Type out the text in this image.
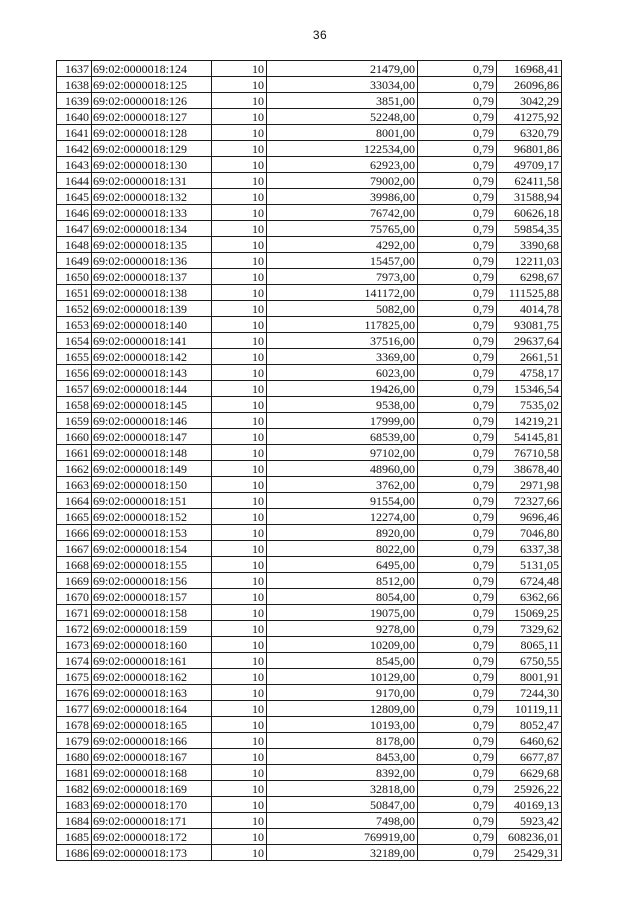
36
1637	69:02:0000018:124	10	21479,00	0,79	16968,41
1638	69:02:0000018:125	10	33034,00	0,79	26096,86
1639	69:02:0000018:126	10	3851,00	0,79	3042,29
1640	69:02:0000018:127	10	52248,00	0,79	41275,92
1641	69:02:0000018:128	10	8001,00	0,79	6320,79
1642	69:02:0000018:129	10	122534,00	0,79	96801,86
1643	69:02:0000018:130	10	62923,00	0,79	49709,17
1644	69:02:0000018:131	10	79002,00	0,79	62411,58
1645	69:02:0000018:132	10	39986,00	0,79	31588,94
1646	69:02:0000018:133	10	76742,00	0,79	60626,18
1647	69:02:0000018:134	10	75765,00	0,79	59854,35
1648	69:02:0000018:135	10	4292,00	0,79	3390,68
1649	69:02:0000018:136	10	15457,00	0,79	12211,03
1650	69:02:0000018:137	10	7973,00	0,79	6298,67
1651	69:02:0000018:138	10	141172,00	0,79	111525,88
1652	69:02:0000018:139	10	5082,00	0,79	4014,78
1653	69:02:0000018:140	10	117825,00	0,79	93081,75
1654	69:02:0000018:141	10	37516,00	0,79	29637,64
1655	69:02:0000018:142	10	3369,00	0,79	2661,51
1656	69:02:0000018:143	10	6023,00	0,79	4758,17
1657	69:02:0000018:144	10	19426,00	0,79	15346,54
1658	69:02:0000018:145	10	9538,00	0,79	7535,02
1659	69:02:0000018:146	10	17999,00	0,79	14219,21
1660	69:02:0000018:147	10	68539,00	0,79	54145,81
1661	69:02:0000018:148	10	97102,00	0,79	76710,58
1662	69:02:0000018:149	10	48960,00	0,79	38678,40
1663	69:02:0000018:150	10	3762,00	0,79	2971,98
1664	69:02:0000018:151	10	91554,00	0,79	72327,66
1665	69:02:0000018:152	10	12274,00	0,79	9696,46
1666	69:02:0000018:153	10	8920,00	0,79	7046,80
1667	69:02:0000018:154	10	8022,00	0,79	6337,38
1668	69:02:0000018:155	10	6495,00	0,79	5131,05
1669	69:02:0000018:156	10	8512,00	0,79	6724,48
1670	69:02:0000018:157	10	8054,00	0,79	6362,66
1671	69:02:0000018:158	10	19075,00	0,79	15069,25
1672	69:02:0000018:159	10	9278,00	0,79	7329,62
1673	69:02:0000018:160	10	10209,00	0,79	8065,11
1674	69:02:0000018:161	10	8545,00	0,79	6750,55
1675	69:02:0000018:162	10	10129,00	0,79	8001,91
1676	69:02:0000018:163	10	9170,00	0,79	7244,30
1677	69:02:0000018:164	10	12809,00	0,79	10119,11
1678	69:02:0000018:165	10	10193,00	0,79	8052,47
1679	69:02:0000018:166	10	8178,00	0,79	6460,62
1680	69:02:0000018:167	10	8453,00	0,79	6677,87
1681	69:02:0000018:168	10	8392,00	0,79	6629,68
1682	69:02:0000018:169	10	32818,00	0,79	25926,22
1683	69:02:0000018:170	10	50847,00	0,79	40169,13
1684	69:02:0000018:171	10	7498,00	0,79	5923,42
1685	69:02:0000018:172	10	769919,00	0,79	608236,01
1686	69:02:0000018:173	10	32189,00	0,79	25429,31
